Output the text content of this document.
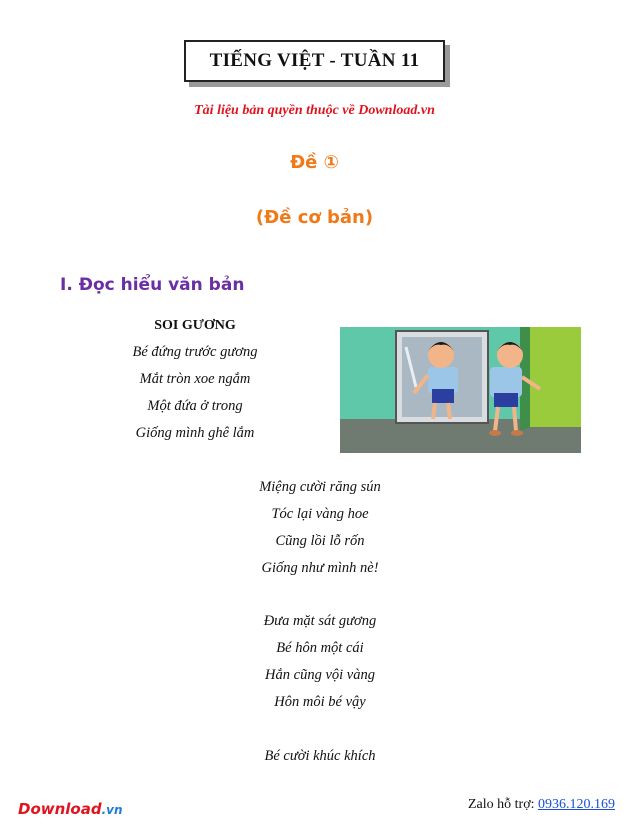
TIẾNG VIỆT - TUẦN 11
Tài liệu bản quyền thuộc về Download.vn
Đề ①
(Đề cơ bản)
I. Đọc hiểu văn bản
SOI GƯƠNG
Bé đứng trước gương
Mắt tròn xoe ngắm
Một đứa ở trong
Giống mình ghê lắm
Miệng cười răng sún
Tóc lại vàng hoe
Cũng lồi lỗ rốn
Giống như mình nè!
Đưa mặt sát gương
Bé hôn một cái
Hắn cũng vội vàng
Hôn môi bé vậy
Bé cười khúc khích
Download.vn	Zalo hỗ trợ: 0936.120.169
